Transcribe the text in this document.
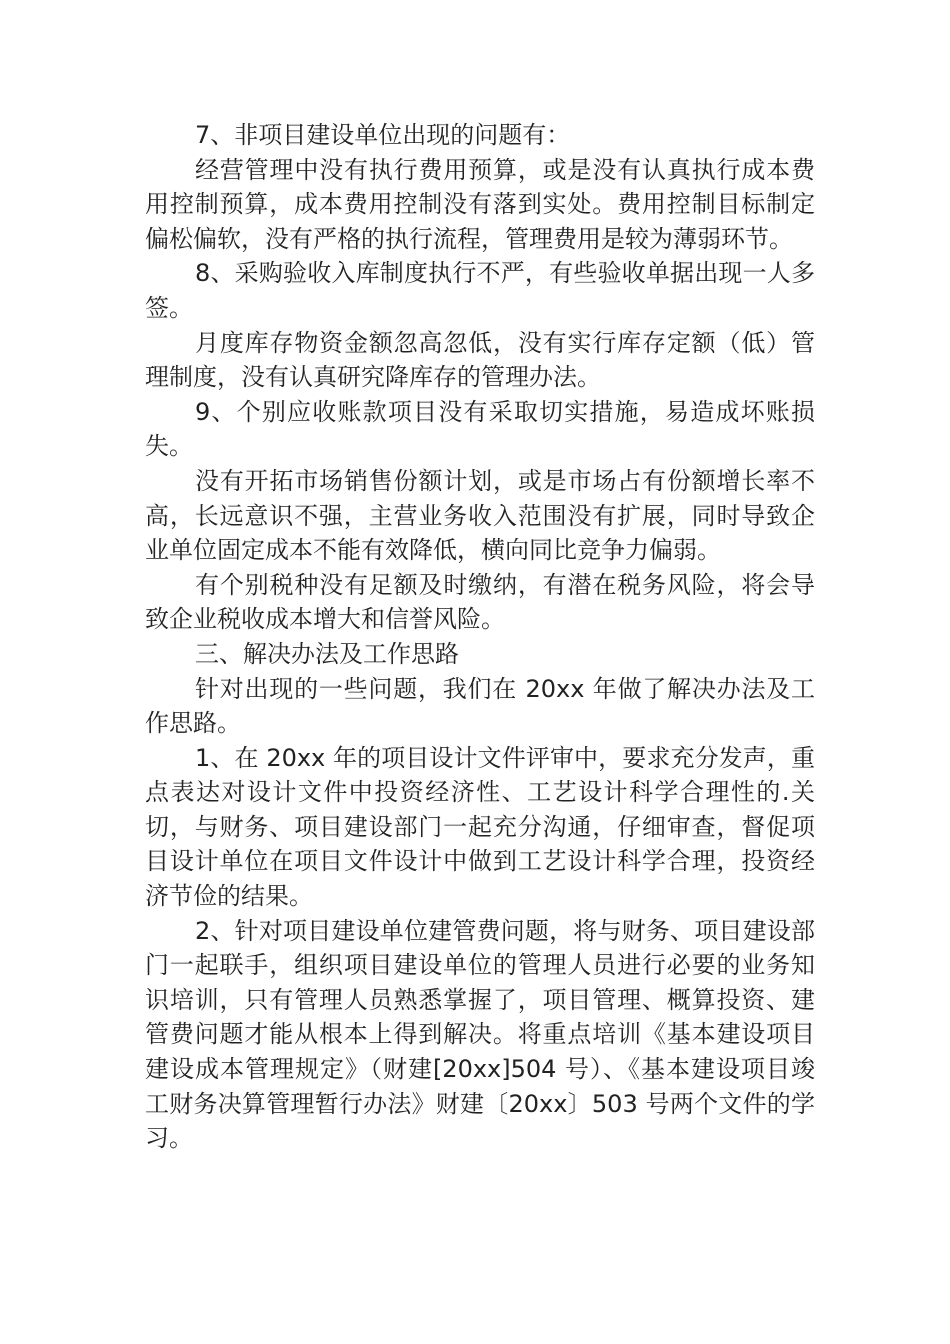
7、非项目建设单位出现的问题有：

经营管理中没有执行费用预算，或是没有认真执行成本费用控制预算，成本费用控制没有落到实处。费用控制目标制定偏松偏软，没有严格的执行流程，管理费用是较为薄弱环节。

8、采购验收入库制度执行不严，有些验收单据出现一人多签。

月度库存物资金额忽高忽低，没有实行库存定额（低）管理制度，没有认真研究降库存的管理办法。

9、个别应收账款项目没有采取切实措施，易造成坏账损失。

没有开拓市场销售份额计划，或是市场占有份额增长率不高，长远意识不强，主营业务收入范围没有扩展，同时导致企业单位固定成本不能有效降低，横向同比竞争力偏弱。

有个别税种没有足额及时缴纳，有潜在税务风险，将会导致企业税收成本增大和信誉风险。

三、解决办法及工作思路

针对出现的一些问题，我们在 20xx 年做了解决办法及工作思路。

1、在 20xx 年的项目设计文件评审中，要求充分发声，重点表达对设计文件中投资经济性、工艺设计科学合理性的.关切，与财务、项目建设部门一起充分沟通，仔细审查，督促项目设计单位在项目文件设计中做到工艺设计科学合理，投资经济节俭的结果。

2、针对项目建设单位建管费问题，将与财务、项目建设部门一起联手，组织项目建设单位的管理人员进行必要的业务知识培训，只有管理人员熟悉掌握了，项目管理、概算投资、建管费问题才能从根本上得到解决。将重点培训《基本建设项目建设成本管理规定》（财建[20xx]504 号）、《基本建设项目竣工财务决算管理暂行办法》财建〔20xx〕503 号两个文件的学习。
